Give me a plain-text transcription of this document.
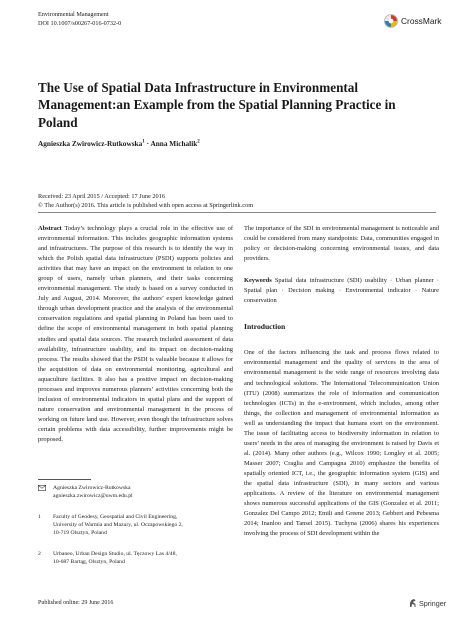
Environmental Management
DOI 10.1007/s00267-016-0732-0	CrossMark
The Use of Spatial Data Infrastructure in Environmental Management:an Example from the Spatial Planning Practice in Poland
Agnieszka Zwirowicz-Rutkowska$^1$ · Anna Michalik$^2$
Received: 23 April 2015 / Accepted: 17 June 2016
© The Author(s) 2016. This article is published with open access at Springerlink.com

Abstract Today’s technology plays a crucial role in the effective use of environmental information. This includes geographic information systems and infrastructures. The purpose of this research is to identify the way in which the Polish spatial data infrastructure (PSDI) supports policies and activities that may have an impact on the environment in relation to one group of users, namely urban planners, and their tasks concerning environmental management. The study is based on a survey conducted in July and August, 2014. Moreover, the authors’ expert knowledge gained through urban development practice and the analysis of the environmental conservation regulations and spatial planning in Poland has been used to define the scope of environmental management in both spatial planning studies and spatial data sources. The research included assessment of data availability, infrastructure usability, and its impact on decision-making process. The results showed that the PSDI is valuable because it allows for the acquisition of data on environmental monitoring, agricultural and aquaculture facilities. It also has a positive impact on decision-making processes and improves numerous planners’ activities concerning both the inclusion of environmental indicators in spatial plans and the support of nature conservation and environmental management in the process of working on future land use. However, even though the infrastructure solves certain problems with data accessibility, further improvements might be proposed.

The importance of the SDI in environmental management is noticeable and could be considered from many standpoints: Data, communities engaged in policy or decision-making concerning environmental issues, and data providers.

Keywords Spatial data infrastructure (SDI) usability · Urban planner · Spatial plan · Decision making · Environmental indicator · Nature conservation

Introduction

One of the factors influencing the task and process flows related to environmental management and the quality of services in the area of environmental management is the wide range of resources involving data and technological solutions. The International Telecommunication Union (ITU) (2008) summarizes the role of information and communication technologies (ICTs) in the e-environment, which includes, among other things, the collection and management of environmental information as well as understanding the impact that humans exert on the environment. The issue of facilitating access to biodiversity information in relation to users’ needs in the area of managing the environment is raised by Davis et al. (2014). Many other authors (e.g., Wilcox 1990; Longley et al. 2005; Masser 2007; Craglia and Campagna 2010) emphasize the benefits of spatially oriented ICT, i.e., the geographic information system (GIS) and the spatial data infrastructure (SDI), in many sectors and various applications. A review of the literature on environmental management shows numerous successful applications of the GIS (Gonzalez et al. 2011; Gonzalez Del Campo 2012; Emili and Greene 2013; Gebbert and Pebesma 2014; Inanloo and Tansel 2015). Tuchyna (2006) shares his experiences involving the process of SDI development within the

Agnieszka Zwirowicz-Rutkowska
agnieszka.zwirowicz@uwm.edu.pl
1 Faculty of Geodesy, Geospatial and Civil Engineering,
University of Warmia and Mazury, ul. Oczapowskiego 2,
10-719 Olsztyn, Poland
2 Urbaneo, Urban Design Studio, ul. Tęczowy Las 4/48,
10-687 Bartąg, Olsztyn, Poland
Published online: 29 June 2016	Springer
